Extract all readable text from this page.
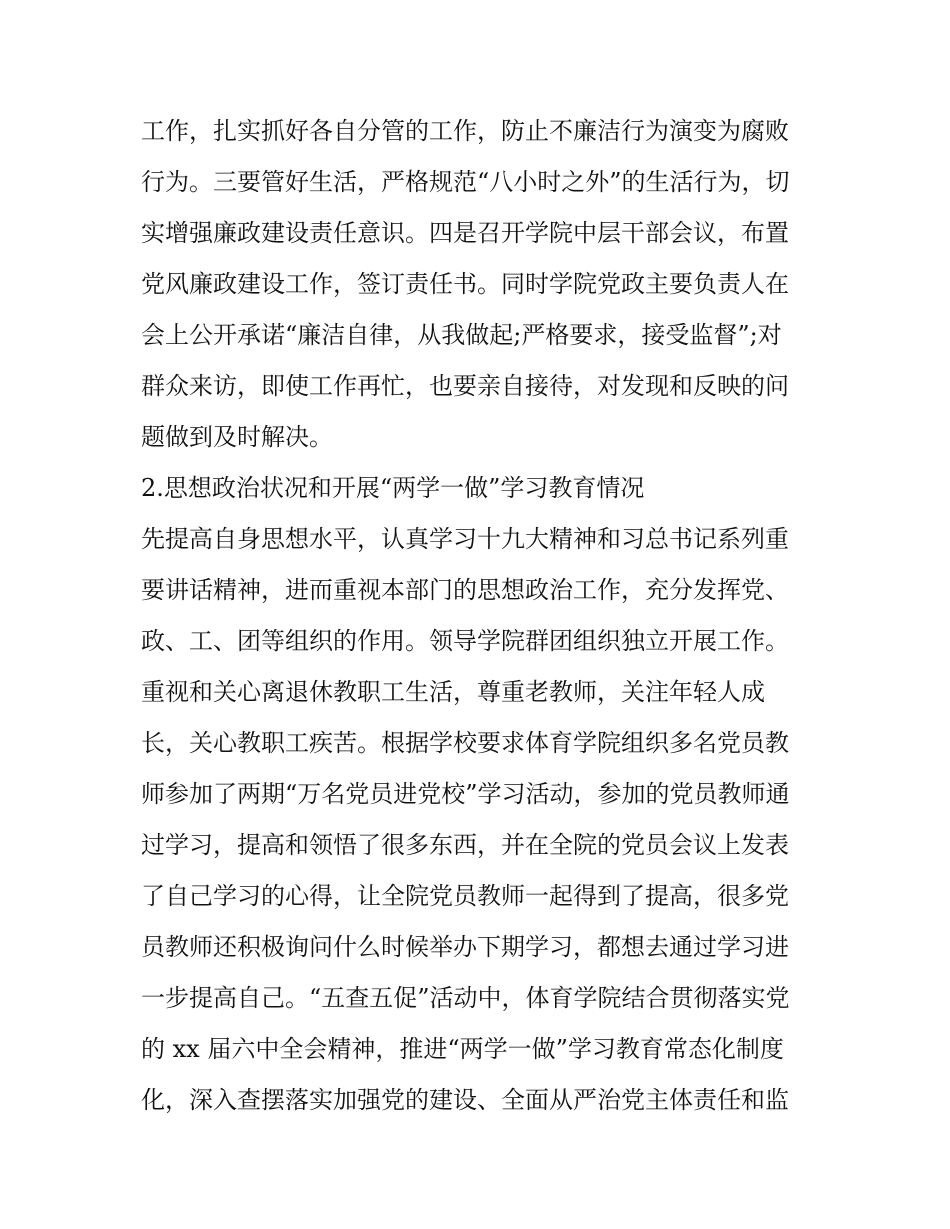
工作，扎实抓好各自分管的工作，防止不廉洁行为演变为腐败

行为。三要管好生活，严格规范“八小时之外”的生活行为，切

实增强廉政建设责任意识。四是召开学院中层干部会议，布置

党风廉政建设工作，签订责任书。同时学院党政主要负责人在

会上公开承诺“廉洁自律，从我做起;严格要求，接受监督”;对

群众来访，即使工作再忙，也要亲自接待，对发现和反映的问

题做到及时解决。

2.思想政治状况和开展“两学一做”学习教育情况

先提高自身思想水平，认真学习十九大精神和习总书记系列重

要讲话精神，进而重视本部门的思想政治工作，充分发挥党、

政、工、团等组织的作用。领导学院群团组织独立开展工作。

重视和关心离退休教职工生活，尊重老教师，关注年轻人成

长，关心教职工疾苦。根据学校要求体育学院组织多名党员教

师参加了两期“万名党员进党校”学习活动，参加的党员教师通

过学习，提高和领悟了很多东西，并在全院的党员会议上发表

了自己学习的心得，让全院党员教师一起得到了提高，很多党

员教师还积极询问什么时候举办下期学习，都想去通过学习进

一步提高自己。“五查五促”活动中，体育学院结合贯彻落实党

的 xx 届六中全会精神，推进“两学一做”学习教育常态化制度

化，深入查摆落实加强党的建设、全面从严治党主体责任和监
